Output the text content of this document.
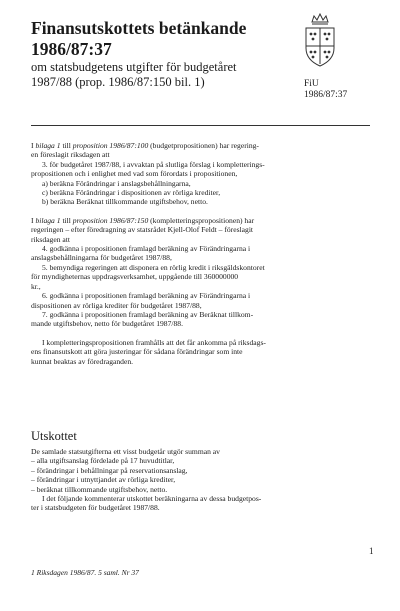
Finansutskottets betänkande
1986/87:37

om statsbudgetens utgifter för budgetåret
1987/88 (prop. 1986/87:150 bil. 1)	FiU
1986/87:37

I bilaga 1 till proposition 1986/87:100 (budgetpropositionen) har regering-
en föreslagit riksdagen att

3. för budgetåret 1987/88, i avvaktan på slutliga förslag i kompletterings-

propositionen och i enlighet med vad som förordats i propositionen,

a) beräkna Förändringar i anslagsbehållningarna,

c) beräkna Förändringar i dispositionen av rörliga krediter,

b) beräkna Beräknat tillkommande utgiftsbehov, netto.

I bilaga 1 till proposition 1986/87:150 (kompletteringspropositionen) har
regeringen – efter föredragning av statsrådet Kjell-Olof Feldt – föreslagit
riksdagen att

4. godkänna i propositionen framlagd beräkning av Förändringarna i

anslagsbehållningarna för budgetåret 1987/88,

5. bemyndiga regeringen att disponera en rörlig kredit i riksgäldskontoret

för myndigheternas uppdragsverksamhet, uppgående till 360000000

kr.,

6. godkänna i propositionen framlagd beräkning av Förändringarna i

dispositionen av rörliga krediter för budgetåret 1987/88,

7. godkänna i propositionen framlagd beräkning av Beräknat tillkom-

mande utgiftsbehov, netto för budgetåret 1987/88.

I kompletteringspropositionen framhålls att det får ankomma på riksdags-

ens finansutskott att göra justeringar för sådana förändringar som inte

kunnat beaktas av föredraganden.

Utskottet

De samlade statsutgifterna ett visst budgetår utgör summan av

– alla utgiftsanslag fördelade på 17 huvudtitlar,

– förändringar i behållningar på reservationsanslag,

– förändringar i utnyttjandet av rörliga krediter,

– beräknat tillkommande utgiftsbehov, netto.

I det följande kommenterar utskottet beräkningarna av dessa budgetpos-

ter i statsbudgeten för budgetåret 1987/88.

1
1 Riksdagen 1986/87. 5 saml. Nr 37
